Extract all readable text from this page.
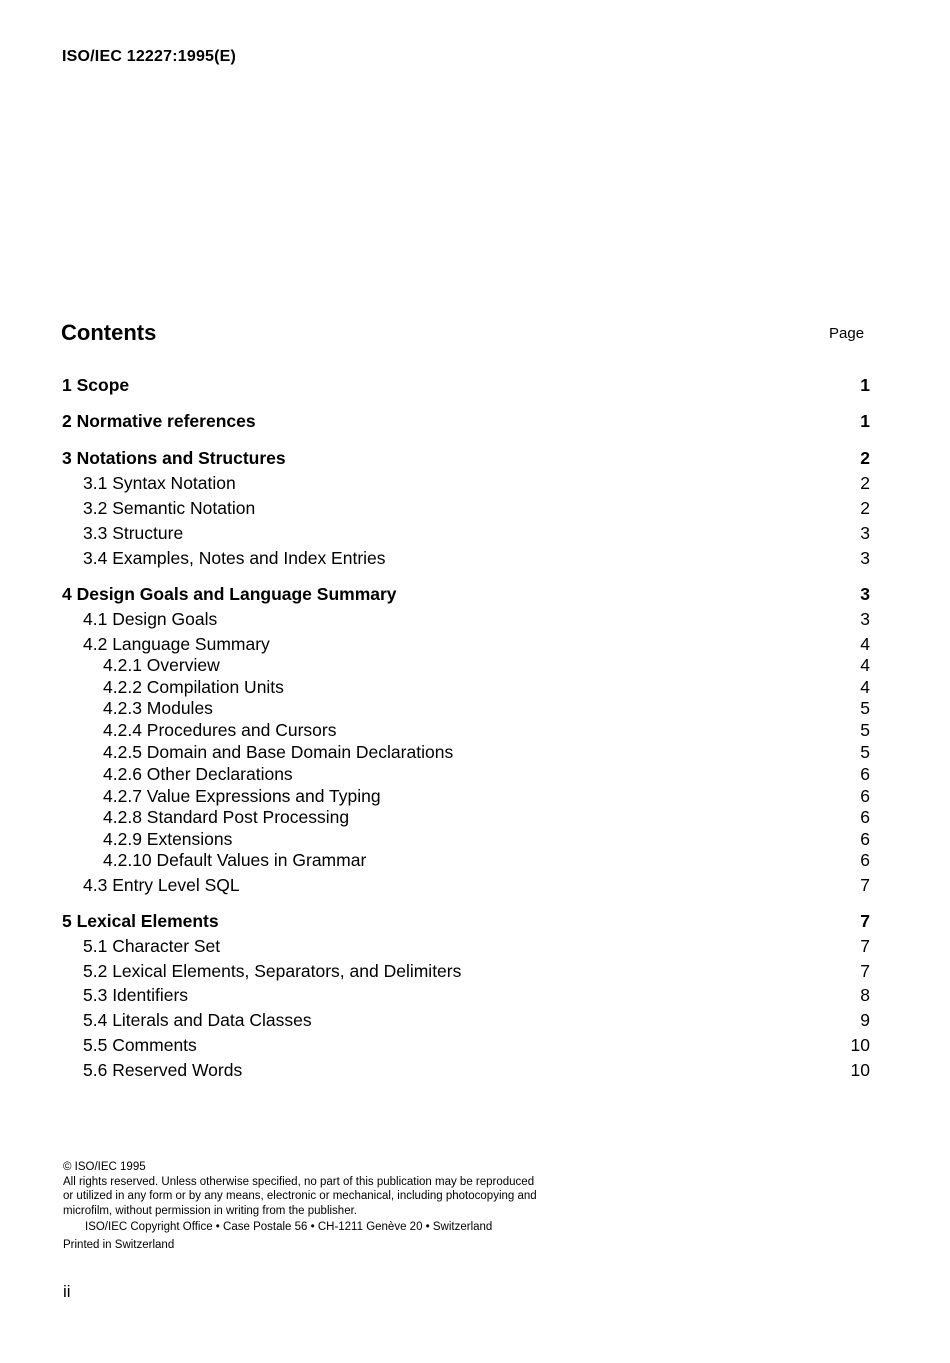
ISO/IEC 12227:1995(E)
Contents	Page
1 Scope	1
2 Normative references	1
3 Notations and Structures	2
3.1 Syntax Notation	2
3.2 Semantic Notation	2
3.3 Structure	3
3.4 Examples, Notes and Index Entries	3
4 Design Goals and Language Summary	3
4.1 Design Goals	3
4.2 Language Summary	4
4.2.1 Overview	4
4.2.2 Compilation Units	4
4.2.3 Modules	5
4.2.4 Procedures and Cursors	5
4.2.5 Domain and Base Domain Declarations	5
4.2.6 Other Declarations	6
4.2.7 Value Expressions and Typing	6
4.2.8 Standard Post Processing	6
4.2.9 Extensions	6
4.2.10 Default Values in Grammar	6
4.3 Entry Level SQL	7
5 Lexical Elements	7
5.1 Character Set	7
5.2 Lexical Elements, Separators, and Delimiters	7
5.3 Identifiers	8
5.4 Literals and Data Classes	9
5.5 Comments	10
5.6 Reserved Words	10
© ISO/IEC 1995
All rights reserved. Unless otherwise specified, no part of this publication may be reproduced
or utilized in any form or by any means, electronic or mechanical, including photocopying and
microfilm, without permission in writing from the publisher.
ISO/IEC Copyright Office • Case Postale 56 • CH-1211 Genève 20 • Switzerland
Printed in Switzerland
ii
